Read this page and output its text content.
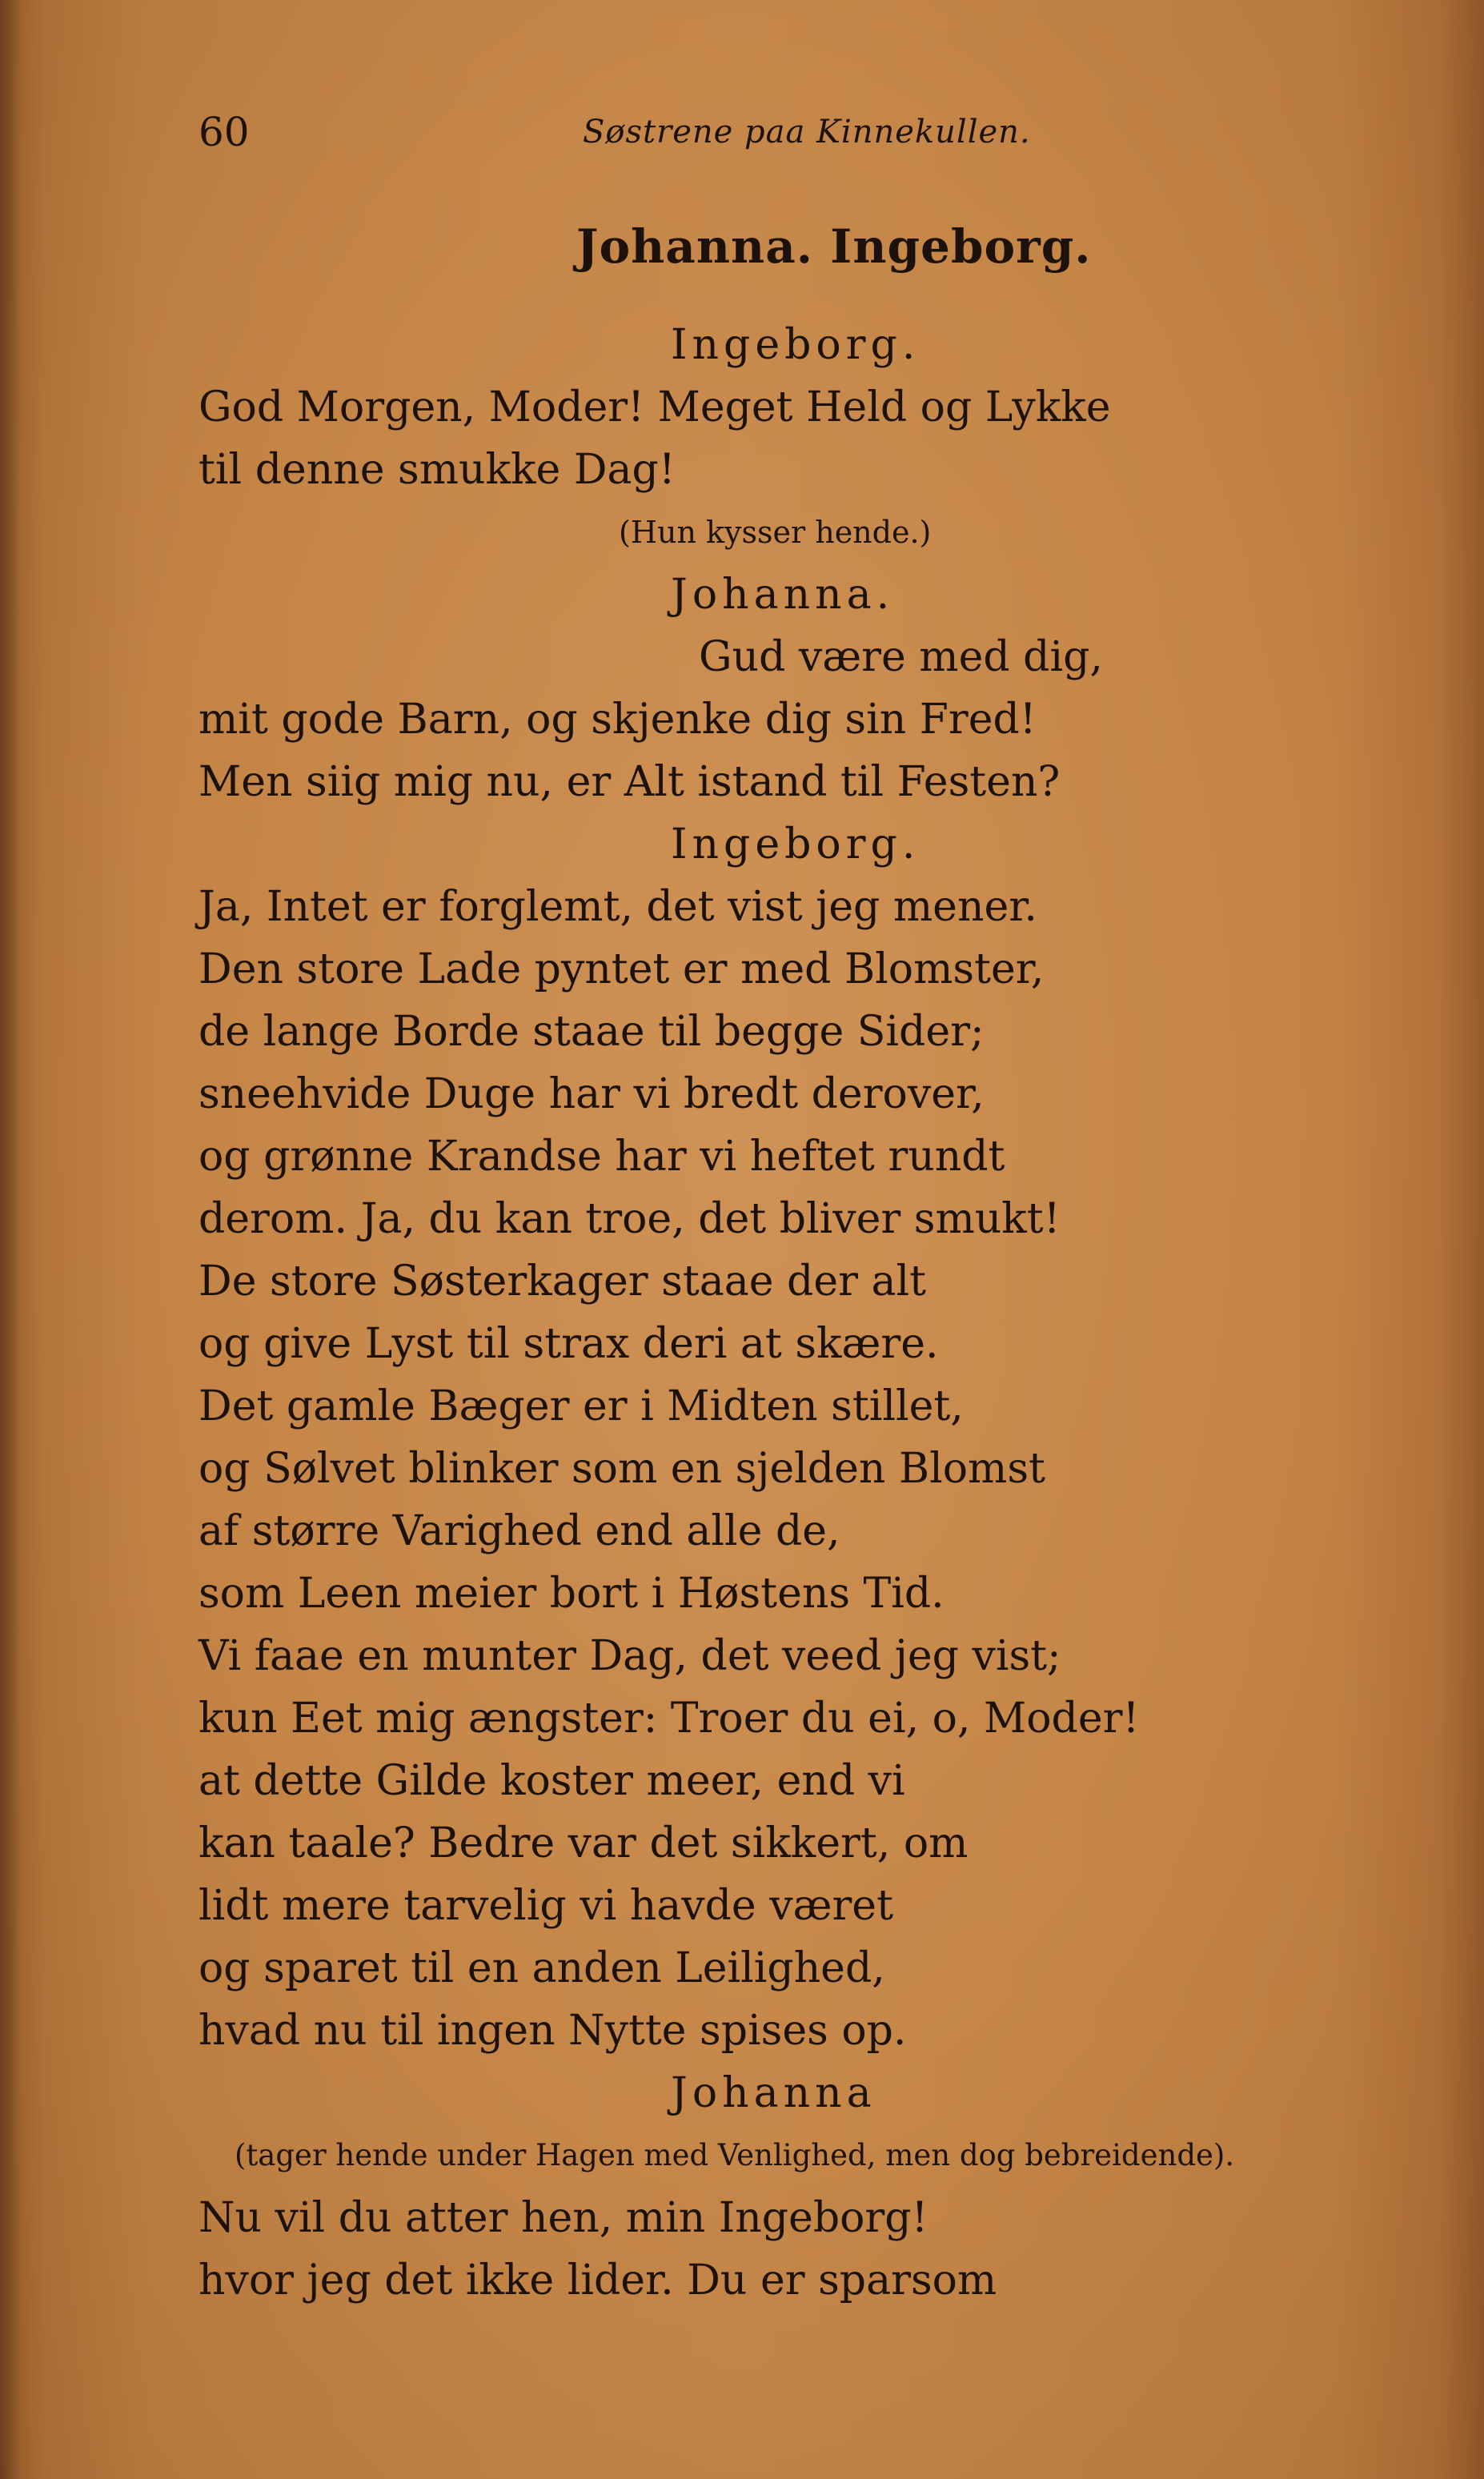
60	Søstrene paa Kinnekullen.
Johanna. Ingeborg.
Ingeborg.
God Morgen, Moder! Meget Held og Lykke
til denne smukke Dag!
(Hun kysser hende.)
Johanna.
Gud være med dig,
mit gode Barn, og skjenke dig sin Fred!
Men siig mig nu, er Alt istand til Festen?
Ingeborg.
Ja, Intet er forglemt, det vist jeg mener.
Den store Lade pyntet er med Blomster,
de lange Borde staae til begge Sider;
sneehvide Duge har vi bredt derover,
og grønne Krandse har vi heftet rundt
derom. Ja, du kan troe, det bliver smukt!
De store Søsterkager staae der alt
og give Lyst til strax deri at skære.
Det gamle Bæger er i Midten stillet,
og Sølvet blinker som en sjelden Blomst
af større Varighed end alle de,
som Leen meier bort i Høstens Tid.
Vi faae en munter Dag, det veed jeg vist;
kun Eet mig ængster: Troer du ei, o, Moder!
at dette Gilde koster meer, end vi
kan taale? Bedre var det sikkert, om
lidt mere tarvelig vi havde været
og sparet til en anden Leilighed,
hvad nu til ingen Nytte spises op.
Johanna
(tager hende under Hagen med Venlighed, men dog bebreidende).
Nu vil du atter hen, min Ingeborg!
hvor jeg det ikke lider. Du er sparsom
